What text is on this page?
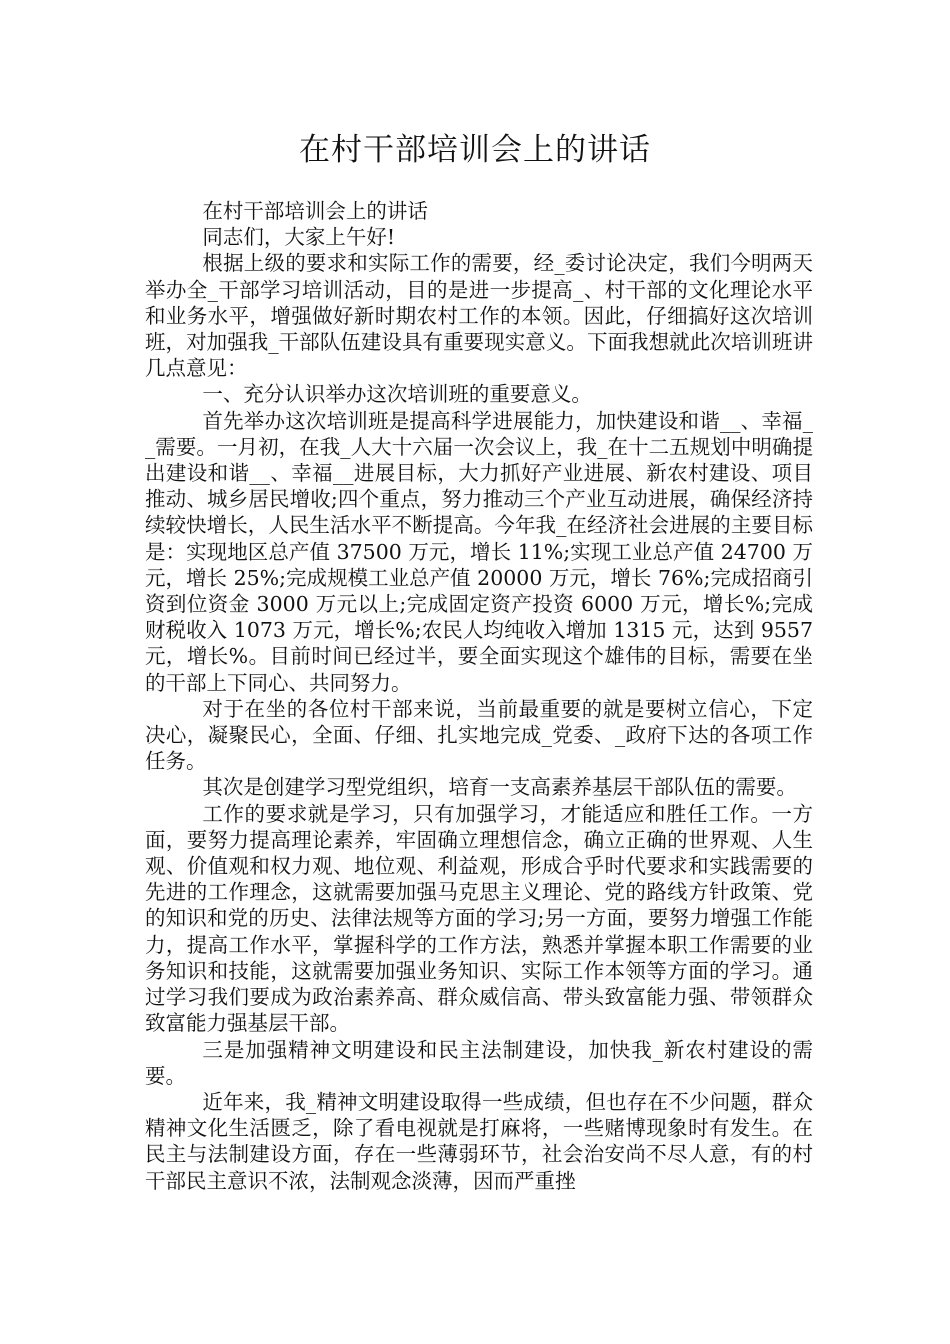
在村干部培训会上的讲话

在村干部培训会上的讲话

同志们，大家上午好!

根据上级的要求和实际工作的需要，经_委讨论决定，我们今明两天举办全_干部学习培训活动，目的是进一步提高_、村干部的文化理论水平和业务水平，增强做好新时期农村工作的本领。因此，仔细搞好这次培训班，对加强我_干部队伍建设具有重要现实意义。下面我想就此次培训班讲几点意见：

一、充分认识举办这次培训班的重要意义。

首先举办这次培训班是提高科学进展能力，加快建设和谐__、幸福__需要。一月初，在我_人大十六届一次会议上，我_在十二五规划中明确提出建设和谐__、幸福__进展目标，大力抓好产业进展、新农村建设、项目推动、城乡居民增收;四个重点，努力推动三个产业互动进展，确保经济持续较快增长，人民生活水平不断提高。今年我_在经济社会进展的主要目标是：实现地区总产值 37500 万元，增长 11%;实现工业总产值 24700 万元，增长 25%;完成规模工业总产值 20000 万元，增长 76%;完成招商引资到位资金 3000 万元以上;完成固定资产投资 6000 万元，增长%;完成财税收入 1073 万元，增长%;农民人均纯收入增加 1315 元，达到 9557 元，增长%。目前时间已经过半，要全面实现这个雄伟的目标，需要在坐的干部上下同心、共同努力。

对于在坐的各位村干部来说，当前最重要的就是要树立信心，下定决心，凝聚民心，全面、仔细、扎实地完成_党委、_政府下达的各项工作任务。

其次是创建学习型党组织，培育一支高素养基层干部队伍的需要。

工作的要求就是学习，只有加强学习，才能适应和胜任工作。一方面，要努力提高理论素养，牢固确立理想信念，确立正确的世界观、人生观、价值观和权力观、地位观、利益观，形成合乎时代要求和实践需要的先进的工作理念，这就需要加强马克思主义理论、党的路线方针政策、党的知识和党的历史、法律法规等方面的学习;另一方面，要努力增强工作能力，提高工作水平，掌握科学的工作方法，熟悉并掌握本职工作需要的业务知识和技能，这就需要加强业务知识、实际工作本领等方面的学习。通过学习我们要成为政治素养高、群众威信高、带头致富能力强、带领群众致富能力强基层干部。

三是加强精神文明建设和民主法制建设，加快我_新农村建设的需要。

近年来，我_精神文明建设取得一些成绩，但也存在不少问题，群众精神文化生活匮乏，除了看电视就是打麻将，一些赌博现象时有发生。在民主与法制建设方面，存在一些薄弱环节，社会治安尚不尽人意，有的村干部民主意识不浓，法制观念淡薄，因而严重挫
